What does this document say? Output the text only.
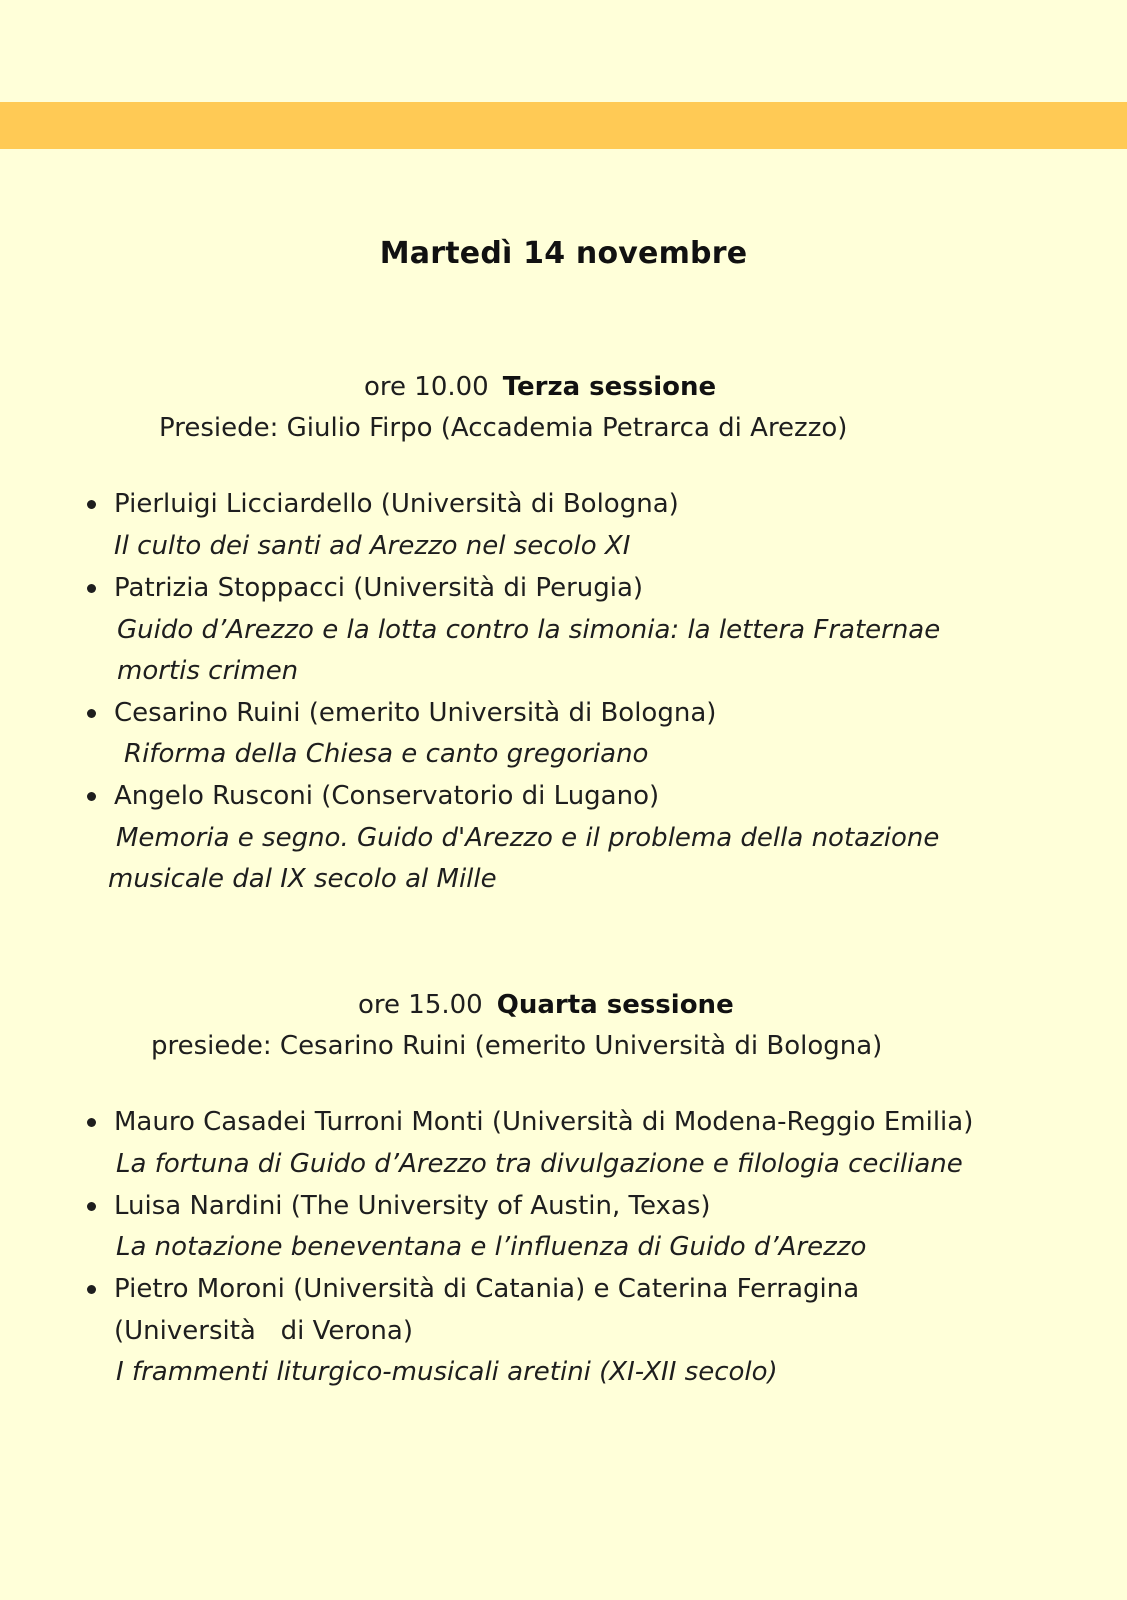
Martedì 14 novembre
ore 10.00 Terza sessione
Presiede: Giulio Firpo (Accademia Petrarca di Arezzo)
Pierluigi Licciardello (Università di Bologna)
Il culto dei santi ad Arezzo nel secolo XI
Patrizia Stoppacci (Università di Perugia)
Guido d’Arezzo e la lotta contro la simonia: la lettera Fraternae
mortis crimen
Cesarino Ruini (emerito Università di Bologna)
Riforma della Chiesa e canto gregoriano
Angelo Rusconi (Conservatorio di Lugano)
Memoria e segno. Guido d'Arezzo e il problema della notazione
musicale dal IX secolo al Mille
ore 15.00 Quarta sessione
presiede: Cesarino Ruini (emerito Università di Bologna)
Mauro Casadei Turroni Monti (Università di Modena-Reggio Emilia)
La fortuna di Guido d’Arezzo tra divulgazione e filologia ceciliane
Luisa Nardini (The University of Austin, Texas)
La notazione beneventana e l’influenza di Guido d’Arezzo
Pietro Moroni (Università di Catania) e Caterina Ferragina
(Università   di Verona)
I frammenti liturgico-musicali aretini (XI-XII secolo)
